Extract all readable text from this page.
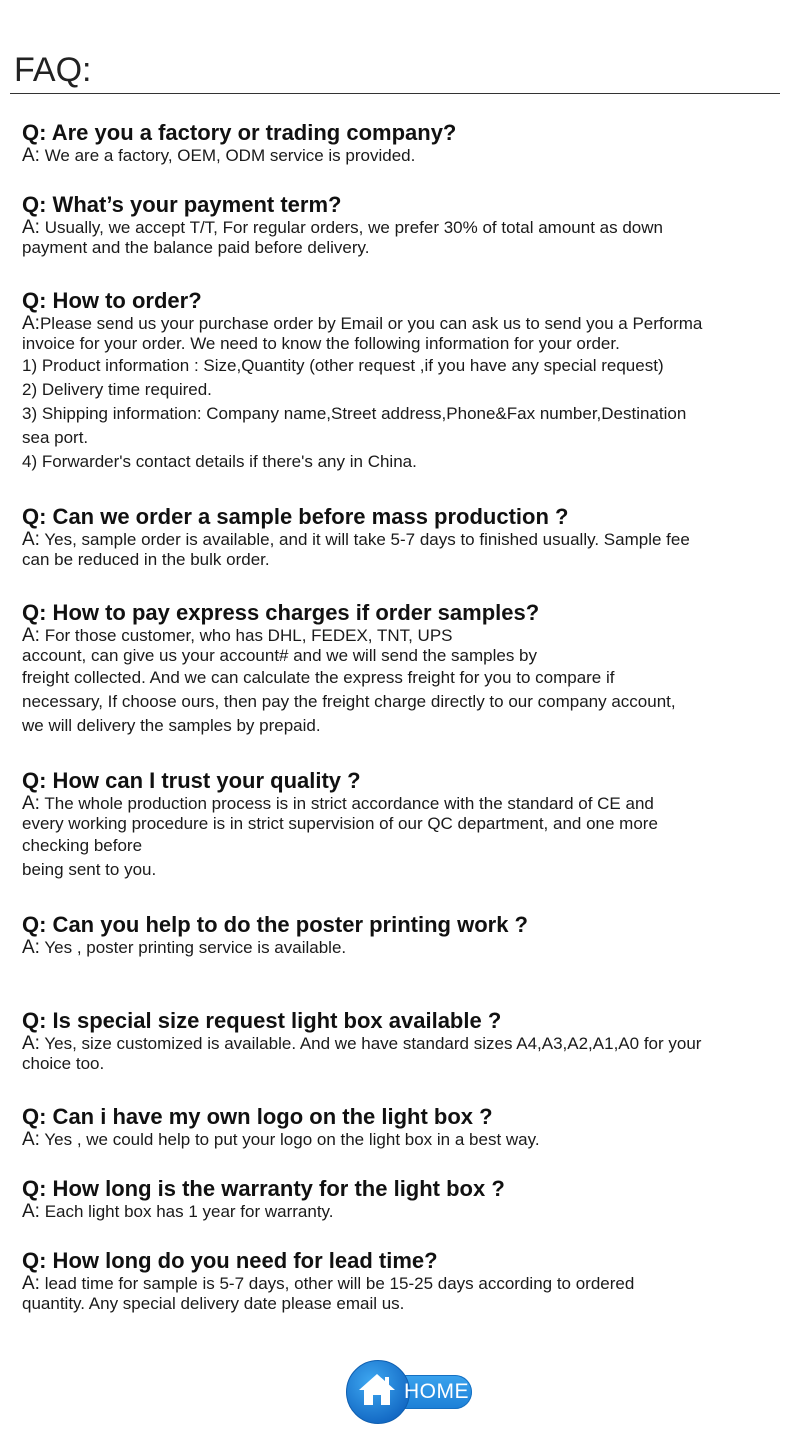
FAQ:

Q: Are you a factory or trading company?

A: We are a factory, OEM, ODM service is provided.

Q: What’s your payment term?

A: Usually, we accept T/T, For regular orders, we prefer 30% of total amount as down
payment and the balance paid before delivery.

Q: How to order?

A:Please send us your purchase order by Email or you can ask us to send you a Performa
invoice for your order. We need to know the following information for your order.
1) Product information : Size,Quantity (other request ,if you have any special request)
2) Delivery time required.
3) Shipping information: Company name,Street address,Phone&Fax number,Destination
sea port.
4) Forwarder's contact details if there's any in China.

Q: Can we order a sample before mass production ?

A: Yes, sample order is available, and it will take 5-7 days to finished usually. Sample fee
can be reduced in the bulk order.

Q: How to pay express charges if order samples?

A: For those customer, who has DHL, FEDEX, TNT, UPS
account, can give us your account# and we will send the samples by
freight collected. And we can calculate the express freight for you to compare if
necessary, If choose ours, then pay the freight charge directly to our company account,
we will delivery the samples by prepaid.

Q: How can I trust your quality ?

A: The whole production process is in strict accordance with the standard of CE and
every working procedure is in strict supervision of our QC department, and one more
checking before
being sent to you.

Q: Can you help to do the poster printing work ?

A: Yes , poster printing service is available.

Q: Is special size request light box available ?

A: Yes, size customized is available. And we have standard sizes A4,A3,A2,A1,A0 for your
choice too.

Q: Can i have my own logo on the light box ?

A: Yes , we could help to put your logo on the light box in a best way.

Q: How long is the warranty for the light box ?

A: Each light box has 1 year for warranty.

Q: How long do you need for lead time?

A: lead time for sample is 5-7 days, other will be 15-25 days according to ordered
quantity. Any special delivery date please email us.

HOME
